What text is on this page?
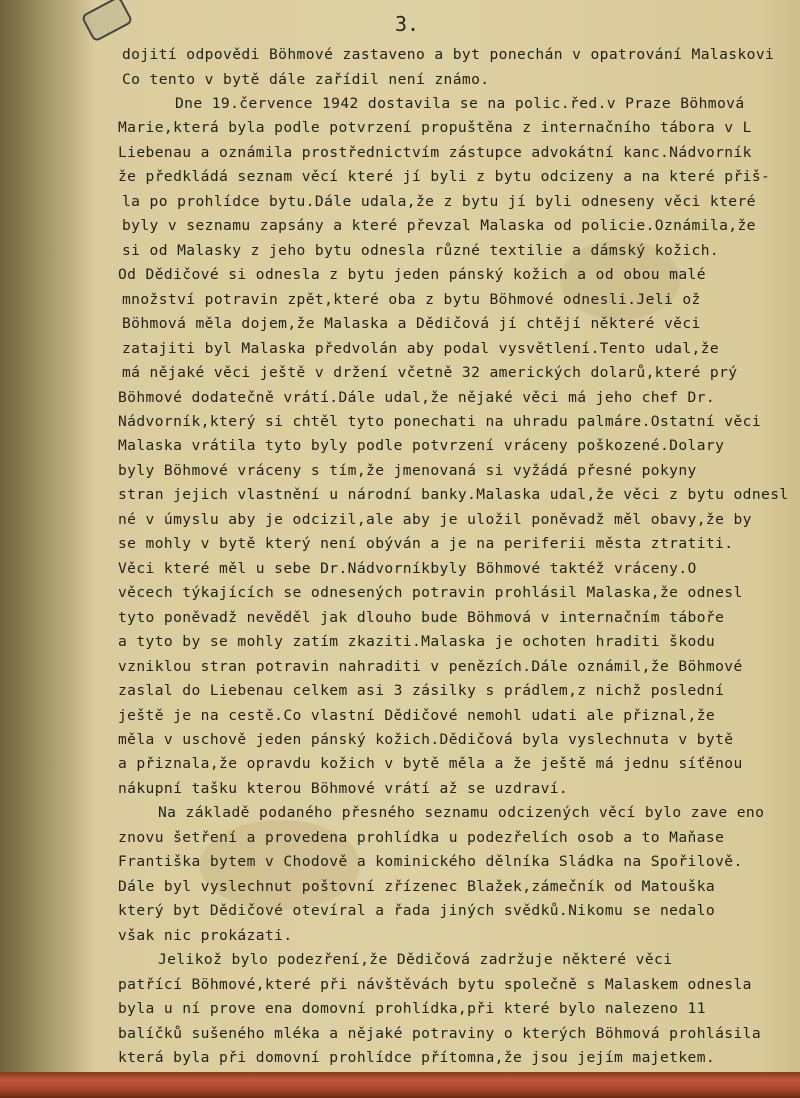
3.
dojití odpovědi Böhmové zastaveno a byt ponechán v opatrování Malaskovi
Co tento v bytě dále zařídil není známo.
Dne 19.července 1942 dostavila se na polic.řed.v Praze Böhmová
Marie,která byla podle potvrzení propuštěna z internačního tábora v L
Liebenau a oznámila prostřednictvím zástupce advokátní kanc.Nádvorník
že předkládá seznam věcí které jí byli z bytu odcizeny a na které přiš-
la po prohlídce bytu.Dále udala,že z bytu jí byli odneseny věci které
byly v seznamu zapsány a které převzal Malaska od policie.Oznámila,že
si od Malasky z jeho bytu odnesla různé textilie a dámský kožich.
Od Dědičové si odnesla z bytu jeden pánský kožich a od obou malé
množství potravin zpět,které oba z bytu Böhmové odnesli.Jeli ož
Böhmová měla dojem,že Malaska a Dědičová jí chtějí některé věci
zatajiti byl Malaska předvolán aby podal vysvětlení.Tento udal,že
má nějaké věci ještě v držení včetně 32 amerických dolarů,které prý
Böhmové dodatečně vrátí.Dále udal,že nějaké věci má jeho chef Dr.
Nádvorník,který si chtěl tyto ponechati na uhradu palmáre.Ostatní věci
Malaska vrátila tyto byly podle potvrzení vráceny poškozené.Dolary
byly Böhmové vráceny s tím,že jmenovaná si vyžádá přesné pokyny
stran jejich vlastnění u národní banky.Malaska udal,že věci z bytu odnesl
né v úmyslu aby je odcizil,ale aby je uložil poněvadž měl obavy,že by
se mohly v bytě který není obýván a je na periferii města ztratiti.
Věci které měl u sebe Dr.Nádvorníkbyly Böhmové taktéž vráceny.O
věcech týkajících se odnesených potravin prohlásil Malaska,že odnesl
tyto poněvadž nevěděl jak dlouho bude Böhmová v internačním táboře
a tyto by se mohly zatím zkaziti.Malaska je ochoten hraditi škodu
vzniklou stran potravin nahraditi v penězích.Dále oznámil,že Böhmové
zaslal do Liebenau celkem asi 3 zásilky s prádlem,z nichž poslední
ještě je na cestě.Co vlastní Dědičové nemohl udati ale přiznal,že
měla v uschově jeden pánský kožich.Dědičová byla vyslechnuta v bytě
a přiznala,že opravdu kožich v bytě měla a že ještě má jednu síťěnou
nákupní tašku kterou Böhmové vrátí až se uzdraví.
Na základě podaného přesného seznamu odcizených věcí bylo zave eno
znovu šetření a provedena prohlídka u podezřelích osob a to Maňase
Františka bytem v Chodově a kominického dělníka Sládka na Spořilově.
Dále byl vyslechnut poštovní zřízenec Blažek,zámečník od Matouška
který byt Dědičové otevíral a řada jiných svědků.Nikomu se nedalo
však nic prokázati.
Jelikož bylo podezření,že Dědičová zadržuje některé věci
patřící Böhmové,které při návštěvách bytu společně s Malaskem odnesla
byla u ní prove ena domovní prohlídka,při které bylo nalezeno 11
balíčků sušeného mléka a nějaké potraviny o kterých Böhmová prohlásila
která byla při domovní prohlídce přítomna,že jsou jejím majetkem.
